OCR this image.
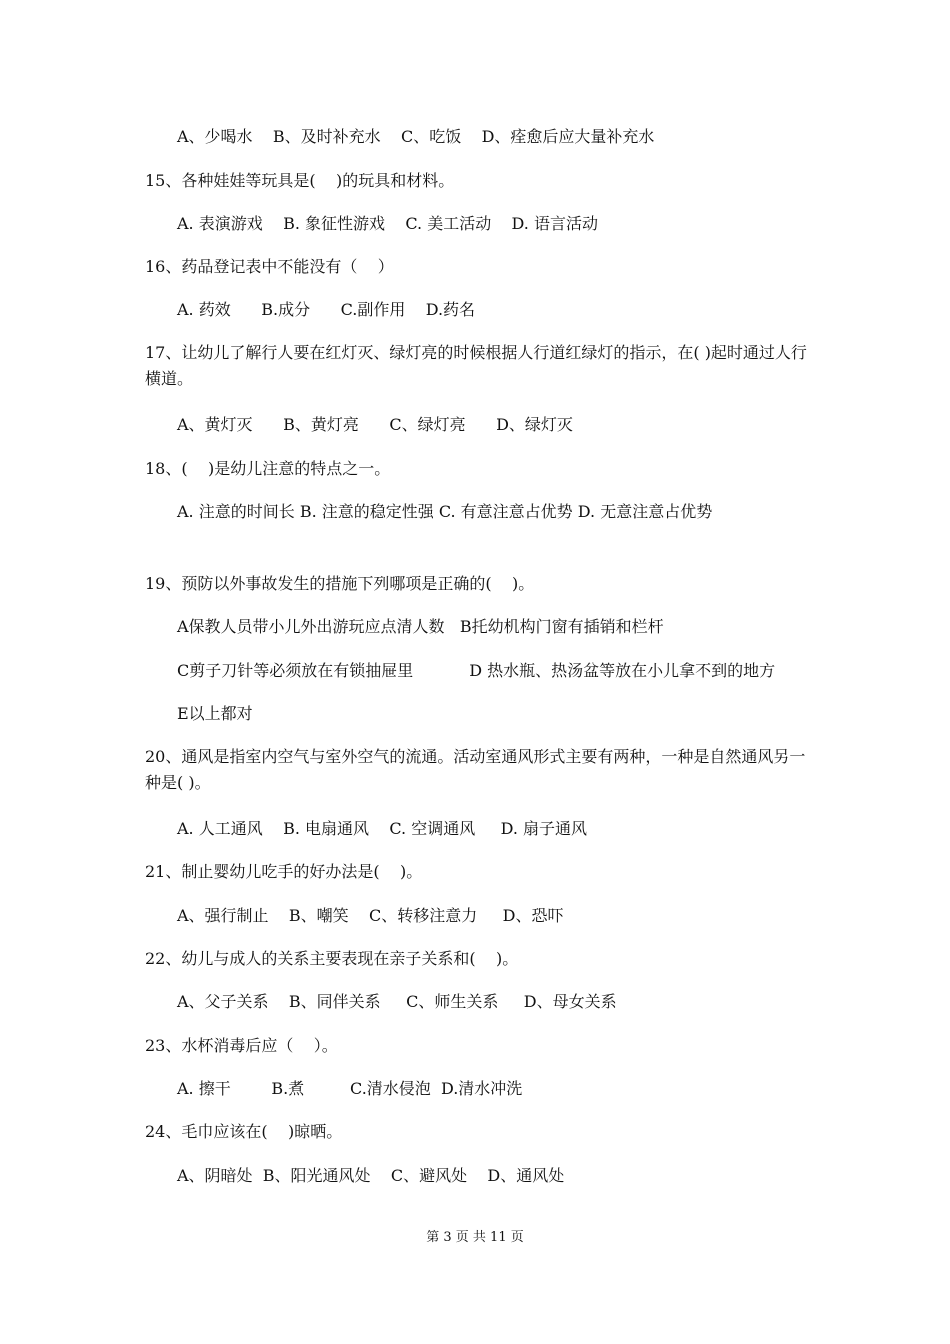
A、少喝水    B、及时补充水    C、吃饭    D、痊愈后应大量补充水
15、各种娃娃等玩具是(    )的玩具和材料。
A. 表演游戏    B. 象征性游戏    C. 美工活动    D. 语言活动
16、药品登记表中不能没有（    ）
A. 药效      B.成分      C.副作用    D.药名
17、让幼儿了解行人要在红灯灭、绿灯亮的时候根据人行道红绿灯的指示，在( )起时通过人行横道。
A、黄灯灭      B、黄灯亮      C、绿灯亮      D、绿灯灭
18、(    )是幼儿注意的特点之一。
A. 注意的时间长 B. 注意的稳定性强 C. 有意注意占优势 D. 无意注意占优势
19、预防以外事故发生的措施下列哪项是正确的(    )。
A保教人员带小儿外出游玩应点清人数   B托幼机构门窗有插销和栏杆
C剪子刀针等必须放在有锁抽屉里           D 热水瓶、热汤盆等放在小儿拿不到的地方
E以上都对
20、通风是指室内空气与室外空气的流通。活动室通风形式主要有两种，一种是自然通风另一种是( )。
A. 人工通风    B. 电扇通风    C. 空调通风     D. 扇子通风
21、制止婴幼儿吃手的好办法是(    )。
A、强行制止    B、嘲笑    C、转移注意力     D、恐吓
22、幼儿与成人的关系主要表现在亲子关系和(    )。
A、父子关系    B、同伴关系     C、师生关系     D、母女关系
23、水杯消毒后应（    ）。
A. 擦干        B.煮         C.清水侵泡  D.清水冲洗
24、毛巾应该在(    )晾晒。
A、阴暗处  B、阳光通风处    C、避风处    D、通风处
第 3 页 共 11 页
